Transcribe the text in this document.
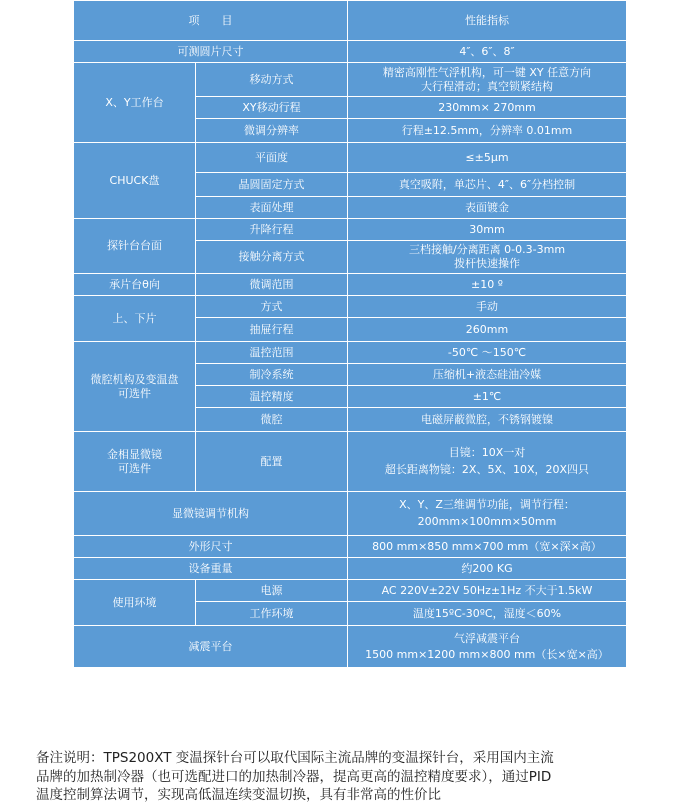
项　　目		性能指标
可测圆片尺寸		4″、6″、8″
X、Y工作台	移动方式	精密高刚性气浮机构，可一键 XY 任意方向
大行程滑动；真空锁紧结构

	XY移动行程	230mm× 270mm
	微调分辨率	行程±12.5mm，分辨率 0.01mm
CHUCK盘	平面度	≤±5μm
	晶圆固定方式	真空吸附，单芯片、4″、6″分档控制
	表面处理	表面镀金
探针台台面	升降行程	30mm
	接触分离方式	三档接触/分离距离 0-0.3-3mm
拨杆快速操作

承片台θ向	微调范围	±10 º
上、下片	方式	手动
	抽屉行程	260mm

微腔机构及变温盘
可选件	温控范围	-50℃ ～150℃
	制冷系统	压缩机+液态硅油冷媒
	温控精度	±1℃
	微腔	电磁屏蔽微腔，不锈钢镀镍

金相显微镜
可选件	配置	目镜：10X一对
超长距离物镜：2X、5X、10X，20X四只

显微镜调节机构		X、Y、Z三维调节功能，调节行程：
200mm×100mm×50mm

外形尺寸		800 mm×850 mm×700 mm（宽×深×高）
设备重量		约200 KG
使用环境	电源	AC 220V±22V 50Hz±1Hz 不大于1.5kW
	工作环境	温度15ºC-30ºC，湿度＜60%
减震平台		气浮减震平台
1500 mm×1200 mm×800 mm（长×宽×高）
备注说明：TPS200XT 变温探针台可以取代国际主流品牌的变温探针台，采用国内主流
品牌的加热制冷器（也可选配进口的加热制冷器，提高更高的温控精度要求），通过PID
温度控制算法调节，实现高低温连续变温切换，具有非常高的性价比
